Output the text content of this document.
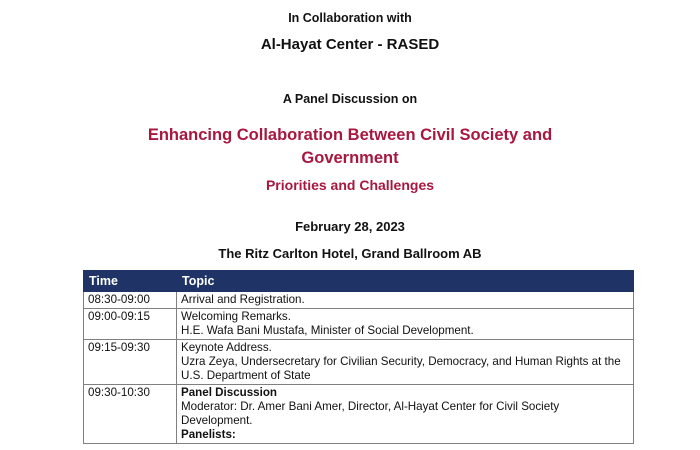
In Collaboration with
Al-Hayat Center - RASED
A Panel Discussion on
Enhancing Collaboration Between Civil Society and
Government
Priorities and Challenges
February 28, 2023
The Ritz Carlton Hotel, Grand Ballroom AB
Time	Topic
08:30-09:00	Arrival and Registration.

09:00-09:15	Welcoming Remarks.
H.E. Wafa Bani Mustafa, Minister of Social Development.

09:15-09:30	Keynote Address.
Uzra Zeya, Undersecretary for Civilian Security, Democracy, and Human Rights at the U.S. Department of State

09:30-10:30	Panel Discussion
Moderator: Dr. Amer Bani Amer, Director, Al-Hayat Center for Civil Society Development.
Panelists:
